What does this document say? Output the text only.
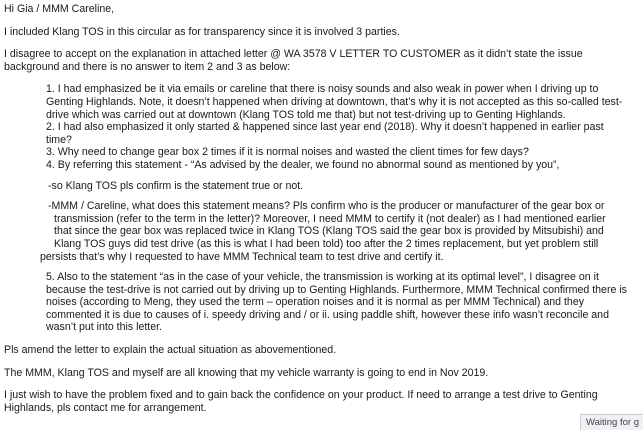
Hi Gia / MMM Careline,

I included Klang TOS in this circular as for transparency since it is involved 3 parties.

I disagree to accept on the explanation in attached letter @ WA 3578 V LETTER TO CUSTOMER as it didn’t state the issue

background and there is no answer to item 2 and 3 as below:

1. I had emphasized be it via emails or careline that there is noisy sounds and also weak in power when I driving up to

Genting Highlands. Note, it doesn’t happened when driving at downtown, that’s why it is not accepted as this so-called test-

drive which was carried out at downtown (Klang TOS told me that) but not test-driving up to Genting Highlands.

2. I had also emphasized it only started & happened since last year end (2018). Why it doesn’t happened in earlier past

time?

3. Why need to change gear box 2 times if it is normal noises and wasted the client times for few days?

4. By referring this statement - “As advised by the dealer, we found no abnormal sound as mentioned by you”,

-so Klang TOS pls confirm is the statement true or not.

-MMM / Careline, what does this statement means? Pls confirm who is the producer or manufacturer of the gear box or

transmission (refer to the term in the letter)? Moreover, I need MMM to certify it (not dealer) as I had mentioned earlier

that since the gear box was replaced twice in Klang TOS (Klang TOS said the gear box is provided by Mitsubishi) and

Klang TOS guys did test drive (as this is what I had been told) too after the 2 times replacement, but yet problem still

persists that’s why I requested to have MMM Technical team to test drive and certify it.

5. Also to the statement “as in the case of your vehicle, the transmission is working at its optimal level”, I disagree on it

because the test-drive is not carried out by driving up to Genting Highlands. Furthermore, MMM Technical confirmed there is

noises (according to Meng, they used the term – operation noises and it is normal as per MMM Technical) and they

commented it is due to causes of i. speedy driving and / or ii. using paddle shift, however these info wasn’t reconcile and

wasn’t put into this letter.

Pls amend the letter to explain the actual situation as abovementioned.

The MMM, Klang TOS and myself are all knowing that my vehicle warranty is going to end in Nov 2019.

I just wish to have the problem fixed and to gain back the confidence on your product. If need to arrange a test drive to Genting

Highlands, pls contact me for arrangement.

Waiting for g
